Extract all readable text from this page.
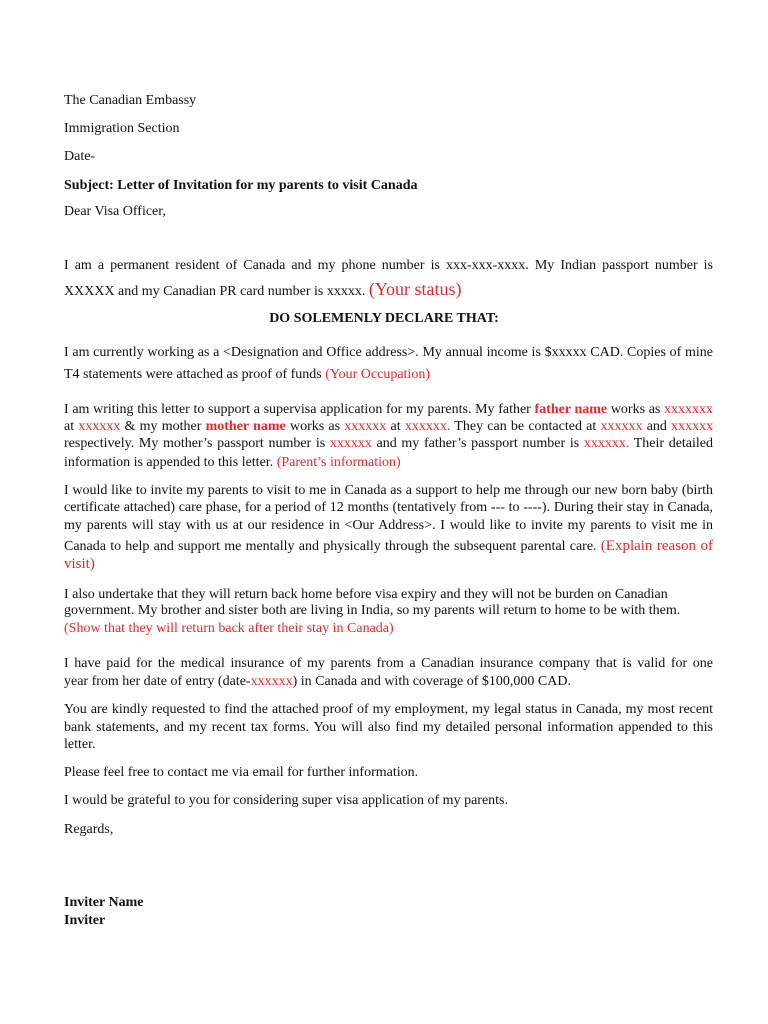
The Canadian Embassy
Immigration Section
Date-
Subject: Letter of Invitation for my parents to visit Canada
Dear Visa Officer,
I am a permanent resident of Canada and my phone number is xxx-xxx-xxxx. My Indian passport number is
XXXXX and my Canadian PR card number is xxxxx. (Your status)
DO SOLEMENLY DECLARE THAT:
I am currently working as a <Designation and Office address>. My annual income is $xxxxx CAD. Copies of mine
T4 statements were attached as proof of funds (Your Occupation)
I am writing this letter to support a supervisa application for my parents. My father father name works as xxxxxxx
at xxxxxx & my mother mother name works as xxxxxx at xxxxxx. They can be contacted at xxxxxx and xxxxxx
respectively. My mother’s passport number is xxxxxx and my father’s passport number is xxxxxx. Their detailed
information is appended to this letter. (Parent’s information)
I would like to invite my parents to visit to me in Canada as a support to help me through our new born baby (birth
certificate attached) care phase, for a period of 12 months (tentatively from --- to ----). During their stay in Canada,
my parents will stay with us at our residence in <Our Address>. I would like to invite my parents to visit me in
Canada to help and support me mentally and physically through the subsequent parental care. (Explain reason of
visit)
I also undertake that they will return back home before visa expiry and they will not be burden on Canadian
government. My brother and sister both are living in India, so my parents will return to home to be with them.
(Show that they will return back after their stay in Canada)
I have paid for the medical insurance of my parents from a Canadian insurance company that is valid for one
year from her date of entry (date-xxxxxx) in Canada and with coverage of $100,000 CAD.
You are kindly requested to find the attached proof of my employment, my legal status in Canada, my most recent
bank statements, and my recent tax forms. You will also find my detailed personal information appended to this
letter.
Please feel free to contact me via email for further information.
I would be grateful to you for considering super visa application of my parents.
Regards,
Inviter Name
Inviter
